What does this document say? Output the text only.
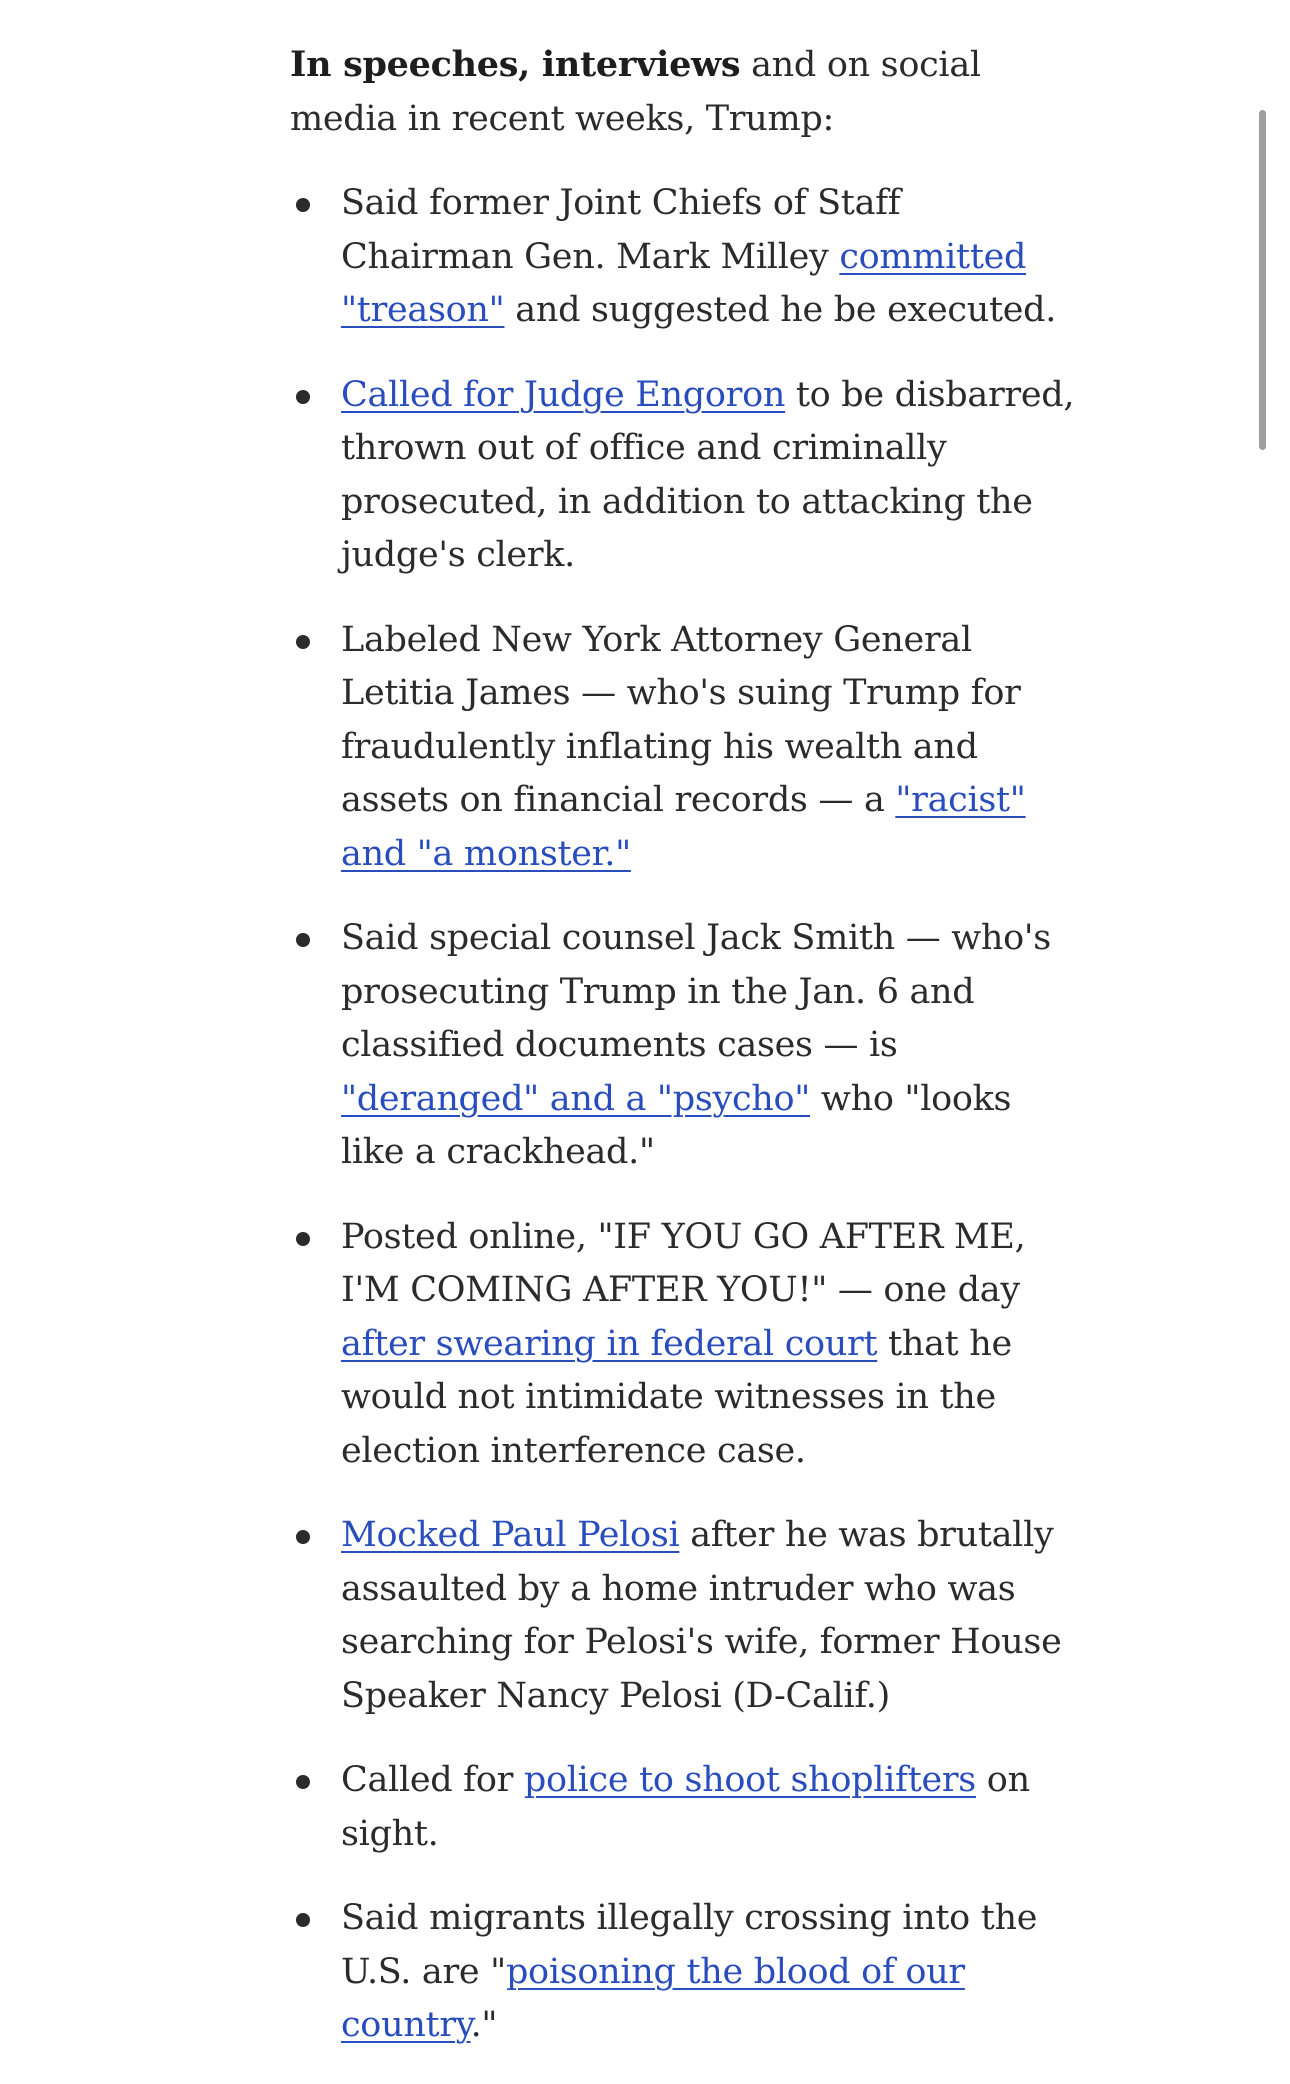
In speeches, interviews and on social media in recent weeks, Trump:

Said former Joint Chiefs of Staff Chairman Gen. Mark Milley committed "treason" and suggested he be executed.
Called for Judge Engoron to be disbarred, thrown out of office and criminally prosecuted, in addition to attacking the judge's clerk.
Labeled New York Attorney General Letitia James — who's suing Trump for fraudulently inflating his wealth and assets on financial records — a "racist" and "a monster."
Said special counsel Jack Smith — who's prosecuting Trump in the Jan. 6 and classified documents cases — is "deranged" and a "psycho" who "looks like a crackhead."
Posted online, "IF YOU GO AFTER ME, I'M COMING AFTER YOU!" — one day after swearing in federal court that he would not intimidate witnesses in the election interference case.
Mocked Paul Pelosi after he was brutally assaulted by a home intruder who was searching for Pelosi's wife, former House Speaker Nancy Pelosi (D-Calif.)
Called for police to shoot shoplifters on sight.
Said migrants illegally crossing into the U.S. are "poisoning the blood of our country."
